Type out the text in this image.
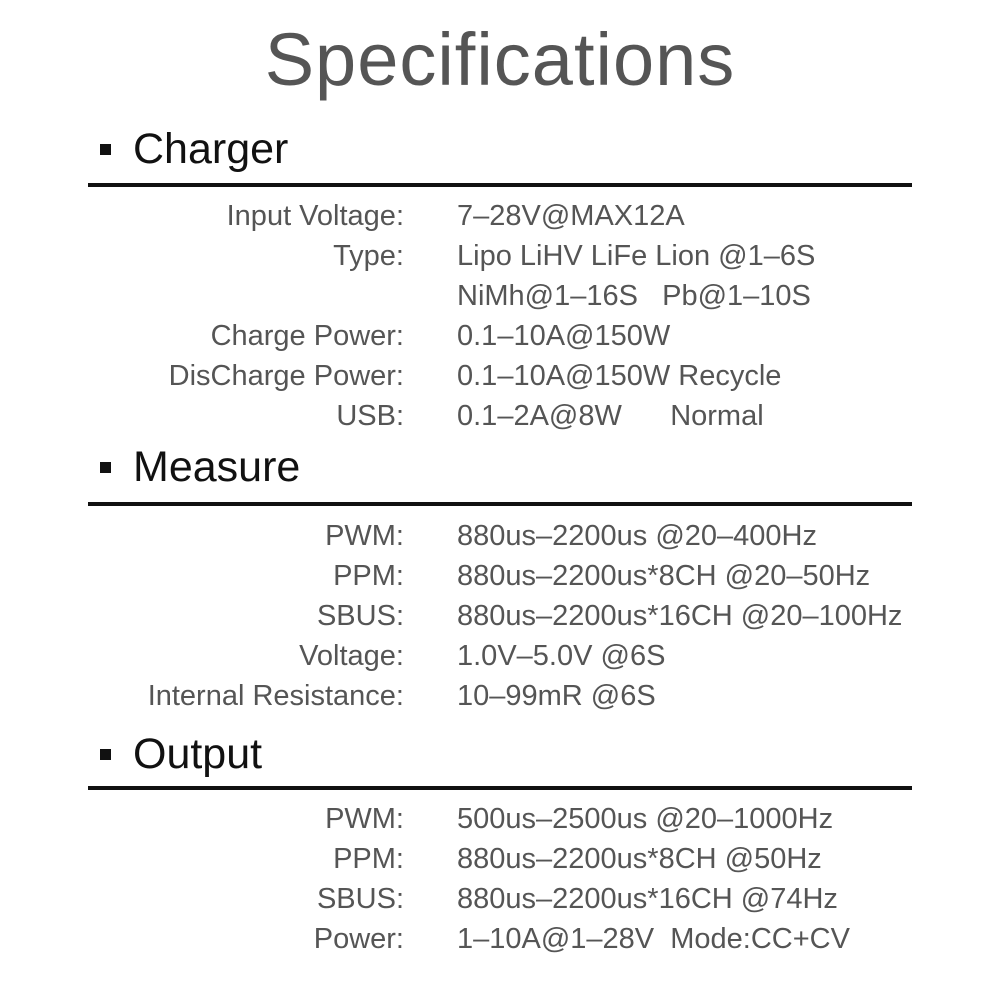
Specifications
Charger
Input Voltage: 7–28V@MAX12A
Type: Lipo LiHV LiFe Lion @1–6S
NiMh@1–16S   Pb@1–10S
Charge Power: 0.1–10A@150W
DisCharge Power: 0.1–10A@150W Recycle
USB: 0.1–2A@8W      Normal
Measure
PWM: 880us–2200us @20–400Hz
PPM: 880us–2200us*8CH @20–50Hz
SBUS: 880us–2200us*16CH @20–100Hz
Voltage: 1.0V–5.0V @6S
Internal Resistance: 10–99mR @6S
Output
PWM: 500us–2500us @20–1000Hz
PPM: 880us–2200us*8CH @50Hz
SBUS: 880us–2200us*16CH @74Hz
Power: 1–10A@1–28V  Mode:CC+CV
